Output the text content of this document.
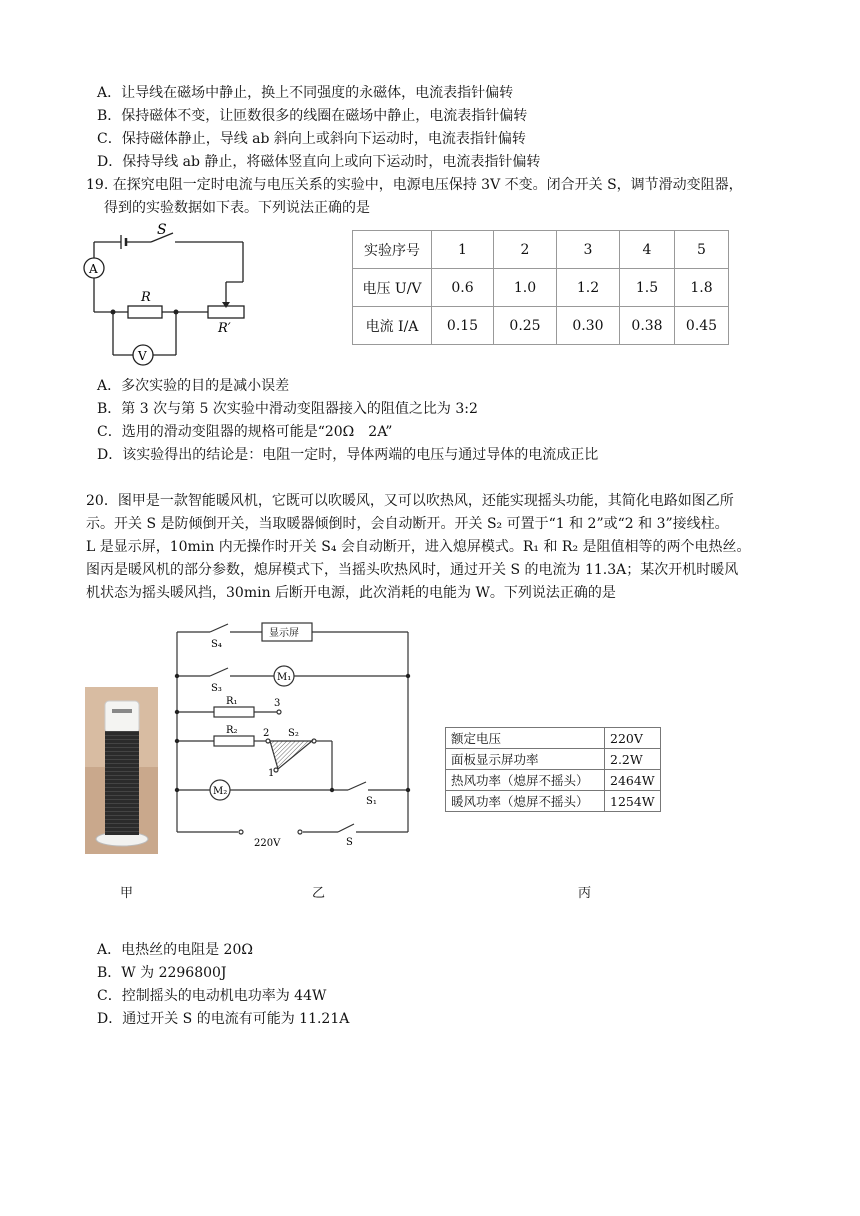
A．让导线在磁场中静止，换上不同强度的永磁体，电流表指针偏转
B．保持磁体不变，让匝数很多的线圈在磁场中静止，电流表指针偏转
C．保持磁体静止，导线 ab 斜向上或斜向下运动时，电流表指针偏转
D．保持导线 ab 静止，将磁体竖直向上或向下运动时，电流表指针偏转
19. 在探究电阻一定时电流与电压关系的实验中，电源电压保持 3V 不变。闭合开关 S，调节滑动变阻器，
得到的实验数据如下表。下列说法正确的是
S
A
R
R′
V
实验序号	1	2	3	4	5
电压 U/V	0.6	1.0	1.2	1.5	1.8
电流 I/A	0.15	0.25	0.30	0.38	0.45
A．多次实验的目的是减小误差
B．第 3 次与第 5 次实验中滑动变阻器接入的阻值之比为 3:2
C．选用的滑动变阻器的规格可能是“20Ω　2A”
D．该实验得出的结论是：电阻一定时，导体两端的电压与通过导体的电流成正比
20．图甲是一款智能暖风机，它既可以吹暖风，又可以吹热风，还能实现摇头功能，其简化电路如图乙所
示。开关 S 是防倾倒开关，当取暖器倾倒时，会自动断开。开关 S₂ 可置于“1 和 2”或“2 和 3”接线柱。
L 是显示屏，10min 内无操作时开关 S₄ 会自动断开，进入熄屏模式。R₁ 和 R₂ 是阻值相等的两个电热丝。
图丙是暖风机的部分参数，熄屏模式下，当摇头吹热风时，通过开关 S 的电流为 11.3A；某次开机时暖风
机状态为摇头暖风挡，30min 后断开电源，此次消耗的电能为 W。下列说法正确的是
显示屏
S₄
S₃
M₁
R₁	3
R₂	2 S₂
1
M₂
S₁
220V	S
额定电压	220V
面板显示屏功率	2.2W
热风功率（熄屏不摇头）	2464W
暖风功率（熄屏不摇头）	1254W
甲	乙	丙
A．电热丝的电阻是 20Ω
B．W 为 2296800J
C．控制摇头的电动机电功率为 44W
D．通过开关 S 的电流有可能为 11.21A
